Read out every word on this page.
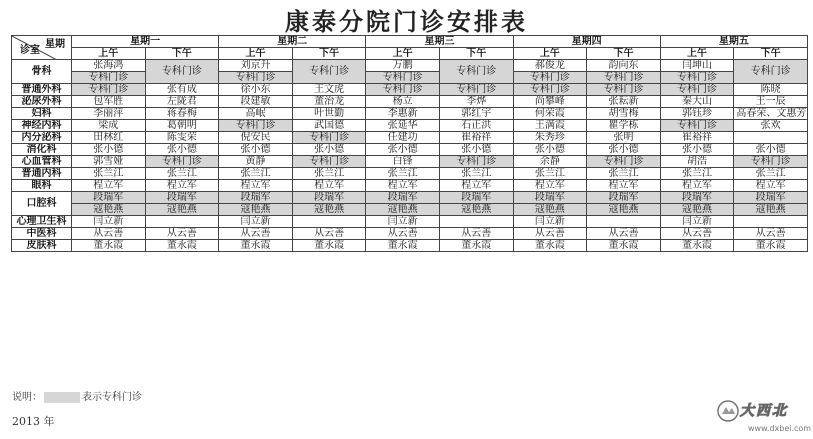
康泰分院门诊安排表
星期
诊室	星期一		星期二		星期三		星期四		星期五	
	上午	下午	上午	下午	上午	下午	上午	下午	上午	下午
骨科	张海鸿	专科门诊	刘京升	专科门诊	万鹏	专科门诊	郝俊龙	韵向东	闫坤山	专科门诊
	专科门诊		专科门诊		专科门诊		专科门诊	专科门诊	专科门诊	
普通外科	专科门诊	张有成	徐小东	王文虎	专科门诊	专科门诊	专科门诊	专科门诊	专科门诊	陈晓
泌尿外科	包军胜	左陇君	段建敏	董治龙	杨立	李烨	尚攀峰	张耘新	秦大山	王一辰
妇科	李丽萍	蒋春梅	高岷	叶世勤	李惠新	郭红宇	何荣霞	胡雪梅	郭钰珍	高春荣、文惠芳
神经内科	梁成	葛朝明	专科门诊	武国德	张延华	石正洪	王满霞	瞿学栋	专科门诊	张欢
内分泌科	田林红	陈雯荣	倪安民	专科门诊	任建功	崔裕祥	朱秀珍	张明	崔裕祥	
消化科	张小德	张小德	张小德	张小德	张小德	张小德	张小德	张小德	张小德	张小德
心血管科	郭雪娅	专科门诊	黄静	专科门诊	白锋	专科门诊	余静	专科门诊	胡浩	专科门诊
普通内科	张兰江	张兰江	张兰江	张兰江	张兰江	张兰江	张兰江	张兰江	张兰江	张兰江
眼科	程立军	程立军	程立军	程立军	程立军	程立军	程立军	程立军	程立军	程立军
口腔科	段瑞军	段瑞军	段瑞军	段瑞军	段瑞军	段瑞军	段瑞军	段瑞军	段瑞军	段瑞军
	寇艳燕	寇艳燕	寇艳燕	寇艳燕	寇艳燕	寇艳燕	寇艳燕	寇艳燕	寇艳燕	寇艳燕
心理卫生科	闫立新		闫立新		闫立新		闫立新		闫立新	
中医科	从云善	从云善	从云善	从云善	从云善	从云善	从云善	从云善	从云善	从云善
皮肤科	董永霞	董永霞	董永霞	董永霞	董永霞	董永霞	董永霞	董永霞	董永霞	董永霞
说明：	表示专科门诊
2013 年
大西北
www.dxbei.com
